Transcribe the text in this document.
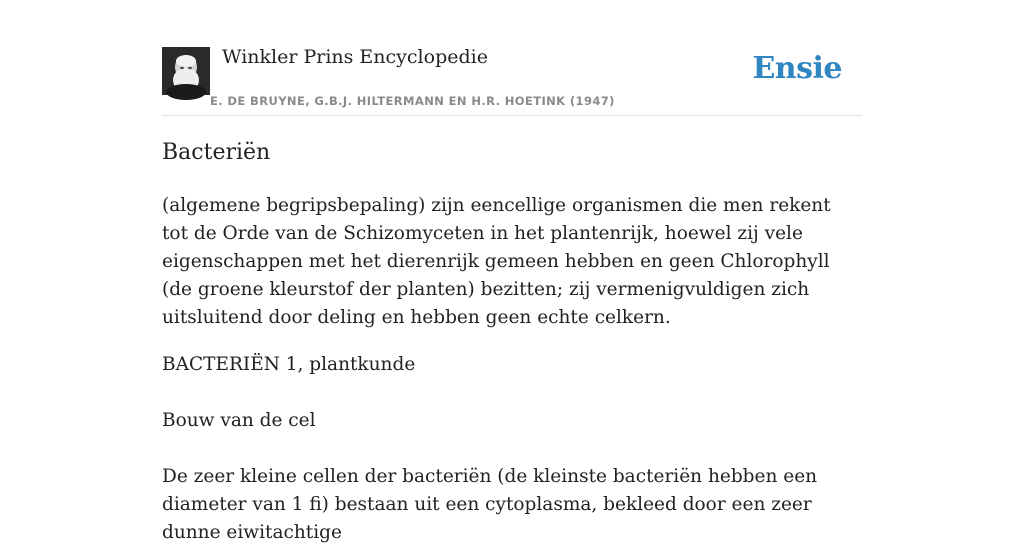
Winkler Prins Encyclopedie
E. DE BRUYNE, G.B.J. HILTERMANN EN H.R. HOETINK (1947)
Ensie
Bacteriën

(algemene begripsbepaling) zijn eencellige organismen die men rekent tot de Orde van de Schizomyceten in het plantenrijk, hoewel zij vele eigenschappen met het dierenrijk gemeen hebben en geen Chlorophyll (de groene kleurstof der planten) bezitten; zij vermenigvuldigen zich uitsluitend door deling en hebben geen echte celkern.

BACTERIËN 1, plantkunde

Bouw van de cel

De zeer kleine cellen der bacteriën (de kleinste bacteriën hebben een diameter van 1 fi) bestaan uit een cytoplasma, bekleed door een zeer dunne eiwitachtige
